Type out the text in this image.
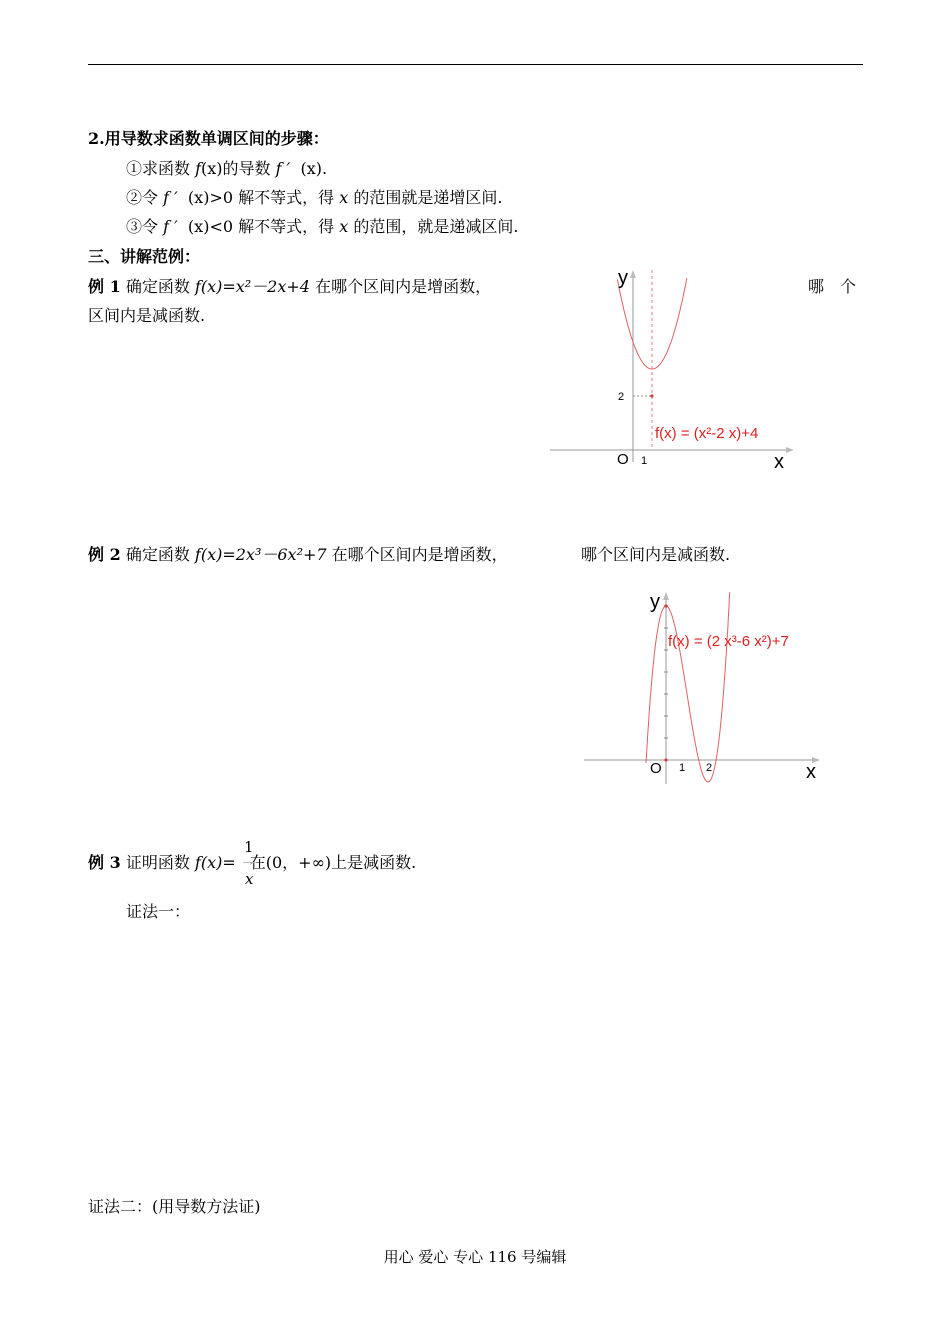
2.用导数求函数单调区间的步骤：
①求函数 f(x)的导数 f ′ (x).
②令 f ′ (x)>0 解不等式，得 x 的范围就是递增区间.
③令 f ′ (x)<0 解不等式，得 x 的范围，就是递减区间.
三、讲解范例：
例 1 确定函数 f(x)=x²－2x+4 在哪个区间内是增函数，	哪　个
区间内是减函数.
y
x
O 1
2
f(x) = (x²-2 x)+4
例 2 确定函数 f(x)=2x³－6x²+7 在哪个区间内是增函数，	哪个区间内是减函数.
y
x
O 1 2
f(x) = (2 x³-6 x²)+7
例 3 证明函数 f(x)= 在(0，+∞)上是减函数.
1
x
证法一：
证法二：(用导数方法证)
用心 爱心 专心 116 号编辑
